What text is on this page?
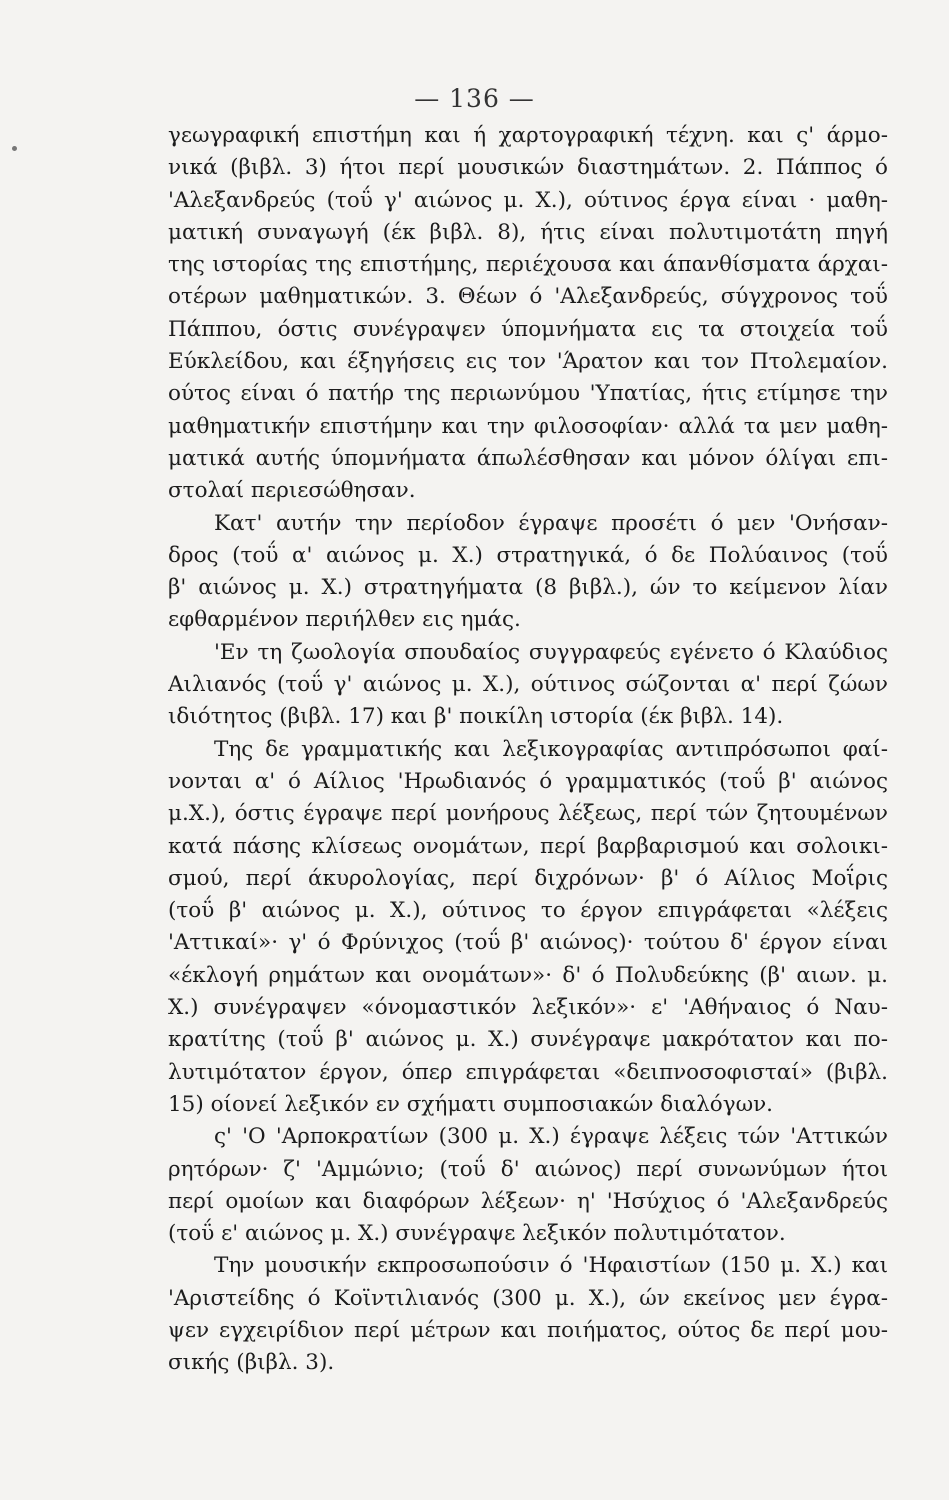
— 136 —
γεωγραφική επιστήμη και ή χαρτογραφική τέχνη. και ς' άρμο-
νικά (βιβλ. 3) ήτοι περί μουσικών διαστημάτων. 2. Πάππος ό
'Αλεξανδρεύς (τοΰ γ' αιώνος μ. Χ.), ούτινος έργα είναι · μαθη-
ματική συναγωγή (έκ βιβλ. 8), ήτις είναι πολυτιμοτάτη πηγή
της ιστορίας της επιστήμης, περιέχουσα και άπανθίσματα άρχαι-
οτέρων μαθηματικών. 3. Θέων ό 'Αλεξανδρεύς, σύγχρονος τοΰ
Πάππου, όστις συνέγραψεν ύπομνήματα εις τα στοιχεία τοΰ
Εύκλείδου, και έξηγήσεις εις τον 'Άρατον και τον Πτολεμαίον.
ούτος είναι ό πατήρ της περιωνύμου 'Υπατίας, ήτις ετίμησε την
μαθηματικήν επιστήμην και την φιλοσοφίαν· αλλά τα μεν μαθη-
ματικά αυτής ύπομνήματα άπωλέσθησαν και μόνον όλίγαι επι-
στολαί περιεσώθησαν.
Κατ' αυτήν την περίοδον έγραψε προσέτι ό μεν 'Ονήσαν-
δρος (τοΰ α' αιώνος μ. Χ.) στρατηγικά, ό δε Πολύαινος (τοΰ
β' αιώνος μ. Χ.) στρατηγήματα (8 βιβλ.), ών το κείμενον λίαν
εφθαρμένον περιήλθεν εις ημάς.
'Εν τη ζωολογία σπουδαίος συγγραφεύς εγένετο ό Κλαύδιος
Αιλιανός (τοΰ γ' αιώνος μ. Χ.), ούτινος σώζονται α' περί ζώων
ιδιότητος (βιβλ. 17) και β' ποικίλη ιστορία (έκ βιβλ. 14).
Της δε γραμματικής και λεξικογραφίας αντιπρόσωποι φαί-
νονται α' ό Αίλιος 'Ηρωδιανός ό γραμματικός (τοΰ β' αιώνος
μ.Χ.), όστις έγραψε περί μονήρους λέξεως, περί τών ζητουμένων
κατά πάσης κλίσεως ονομάτων, περί βαρβαρισμού και σολοικι-
σμού, περί άκυρολογίας, περί διχρόνων· β' ό Αίλιος Μοΐρις
(τοΰ β' αιώνος μ. Χ.), ούτινος το έργον επιγράφεται «λέξεις
'Αττικαί»· γ' ό Φρύνιχος (τοΰ β' αιώνος)· τούτου δ' έργον είναι
«έκλογή ρημάτων και ονομάτων»· δ' ό Πολυδεύκης (β' αιων. μ.
Χ.) συνέγραψεν «όνομαστικόν λεξικόν»· ε' 'Αθήναιος ό Ναυ-
κρατίτης (τοΰ β' αιώνος μ. Χ.) συνέγραψε μακρότατον και πο-
λυτιμότατον έργον, όπερ επιγράφεται «δειπνοσοφισταί» (βιβλ.
15) οίονεί λεξικόν εν σχήματι συμποσιακών διαλόγων.
ς' 'Ο 'Αρποκρατίων (300 μ. Χ.) έγραψε λέξεις τών 'Αττικών
ρητόρων· ζ' 'Αμμώνιο; (τοΰ δ' αιώνος) περί συνωνύμων ήτοι
περί ομοίων και διαφόρων λέξεων· η' 'Ησύχιος ό 'Αλεξανδρεύς
(τοΰ ε' αιώνος μ. Χ.) συνέγραψε λεξικόν πολυτιμότατον.
Την μουσικήν εκπροσωπούσιν ό 'Ηφαιστίων (150 μ. Χ.) και
'Αριστείδης ό Κοϊντιλιανός (300 μ. Χ.), ών εκείνος μεν έγρα-
ψεν εγχειρίδιον περί μέτρων και ποιήματος, ούτος δε περί μου-
σικής (βιβλ. 3).
